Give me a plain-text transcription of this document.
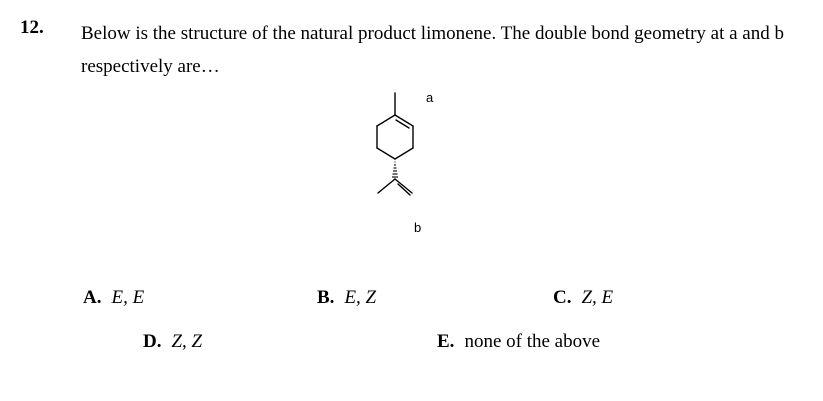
12. Below is the structure of the natural product limonene. The double bond geometry at a and b respectively are…
a
b
A. E, E	B. E, Z	C. Z, E
D. Z, Z	E. none of the above
